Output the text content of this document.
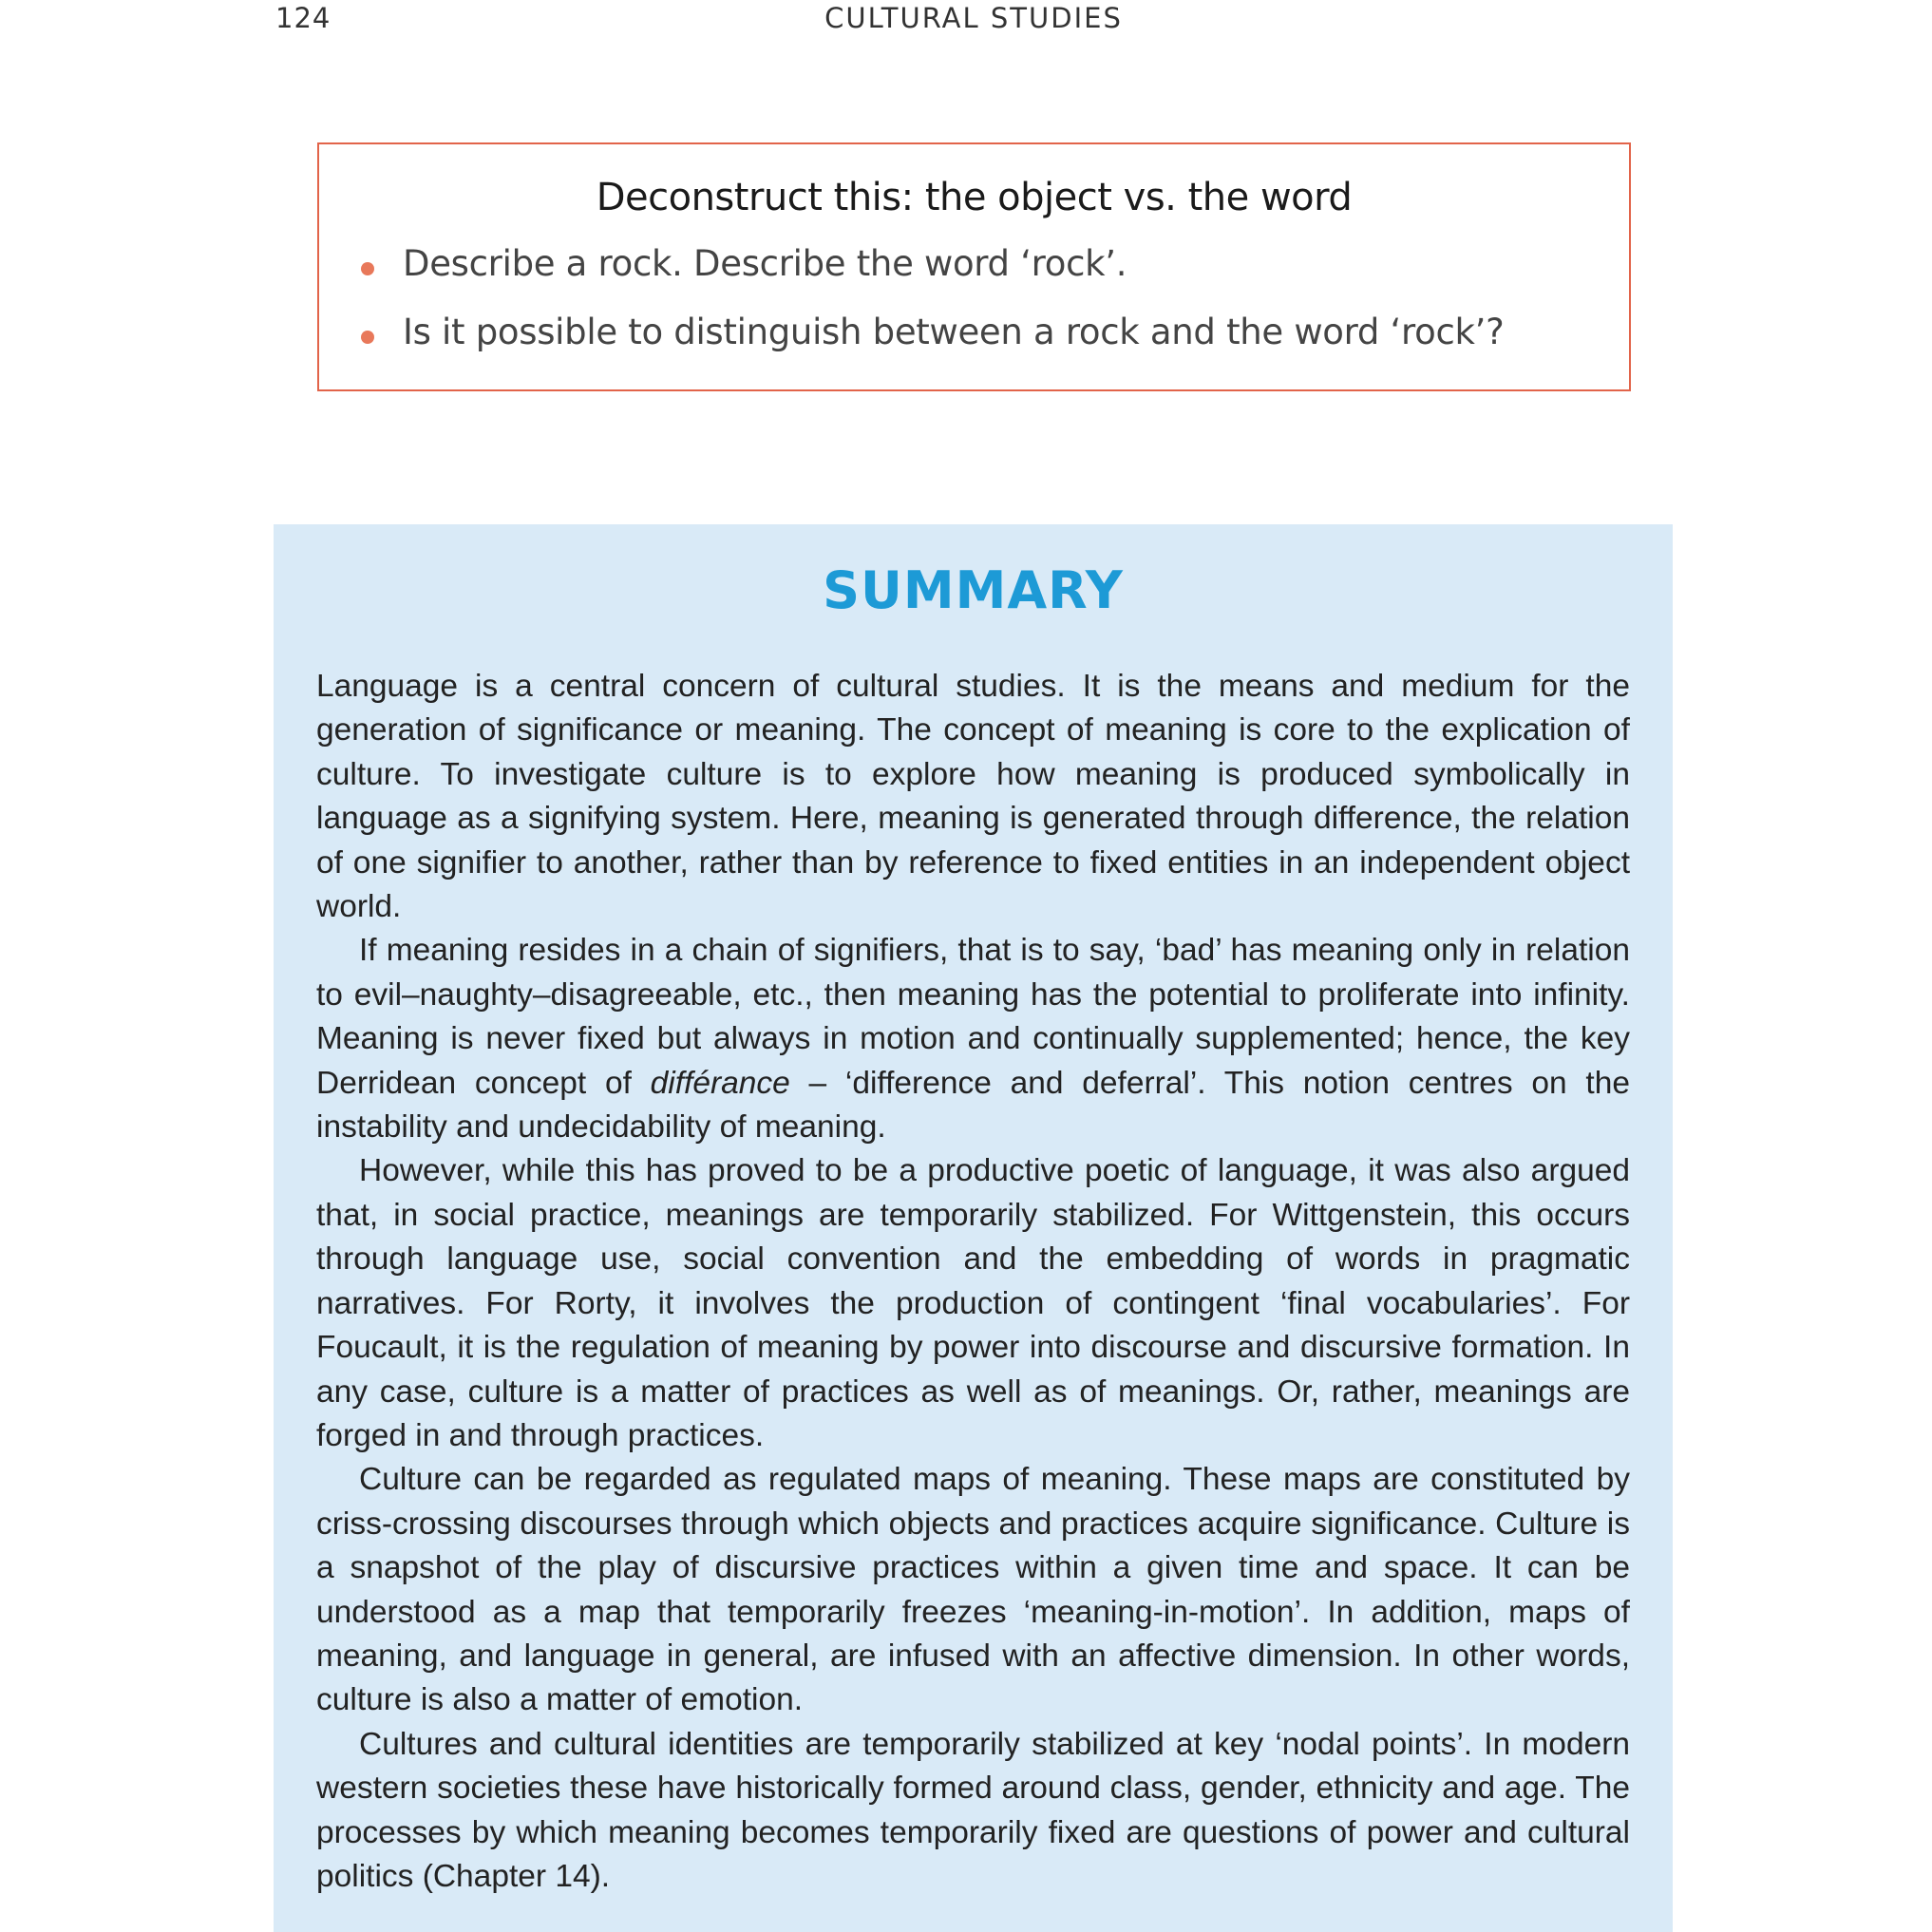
124	CULTURAL STUDIES
Deconstruct this: the object vs. the word
Describe a rock. Describe the word ‘rock’.
Is it possible to distinguish between a rock and the word ‘rock’?
SUMMARY

Language is a central concern of cultural studies. It is the means and medium for the generation of significance or meaning. The concept of meaning is core to the explication of culture. To investigate culture is to explore how meaning is produced symbolically in language as a signifying system. Here, meaning is generated through difference, the relation of one signifier to another, rather than by reference to fixed entities in an independent object world.

If meaning resides in a chain of signifiers, that is to say, ‘bad’ has meaning only in relation to evil–naughty–disagreeable, etc., then meaning has the potential to proliferate into infinity. Meaning is never fixed but always in motion and continually supplemented; hence, the key Derridean concept of différance – ‘difference and deferral’. This notion centres on the instability and undecidability of meaning.

However, while this has proved to be a productive poetic of language, it was also argued that, in social practice, meanings are temporarily stabilized. For Wittgenstein, this occurs through language use, social convention and the embedding of words in pragmatic narratives. For Rorty, it involves the production of contingent ‘final vocabularies’. For Foucault, it is the regulation of meaning by power into discourse and discursive formation. In any case, culture is a matter of practices as well as of meanings. Or, rather, meanings are forged in and through practices.

Culture can be regarded as regulated maps of meaning. These maps are constituted by criss-crossing discourses through which objects and practices acquire significance. Culture is a snapshot of the play of discursive practices within a given time and space. It can be understood as a map that temporarily freezes ‘meaning-in-motion’. In addition, maps of meaning, and language in general, are infused with an affective dimension. In other words, culture is also a matter of emotion.

Cultures and cultural identities are temporarily stabilized at key ‘nodal points’. In modern western societies these have historically formed around class, gender, ethnicity and age. The processes by which meaning becomes temporarily fixed are questions of power and cultural politics (Chapter 14).
